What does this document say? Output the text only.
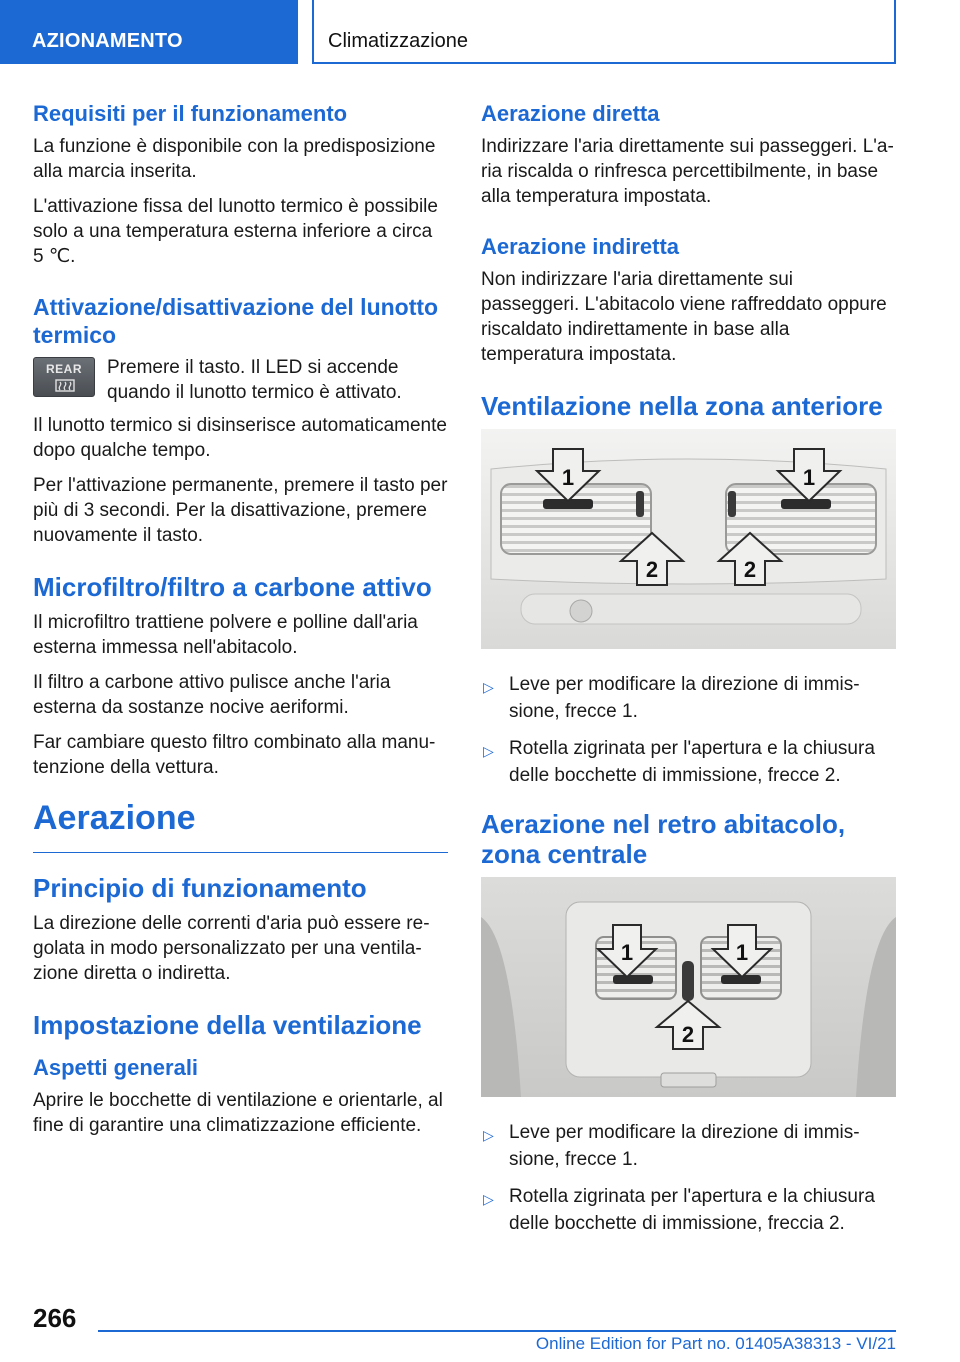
AZIONAMENTO	Climatizzazione
Requisiti per il funzionamento

La funzione è disponibile con la predisposizione alla marcia inserita.

L'attivazione fissa del lunotto termico è possibile solo a una temperatura esterna inferiore a circa 5 ℃.

Attivazione/disattivazione del lunotto termico
REAR	Premere il tasto. Il LED si accende quando il lunotto termico è attivato.

Il lunotto termico si disinserisce automaticamente dopo qualche tempo.

Per l'attivazione permanente, premere il tasto per più di 3 secondi. Per la disattivazione, premere nuovamente il tasto.

Microfiltro/filtro a carbone attivo

Il microfiltro trattiene polvere e polline dall'aria esterna immessa nell'abitacolo.

Il filtro a carbone attivo pulisce anche l'aria esterna da sostanze nocive aeriformi.

Far cambiare questo filtro combinato alla manutenzione della vettura.

Aerazione
Principio di funzionamento

La direzione delle correnti d'aria può essere regolata in modo personalizzato per una ventilazione diretta o indiretta.

Impostazione della ventilazione
Aspetti generali

Aprire le bocchette di ventilazione e orientarle, al fine di garantire una climatizzazione efficiente.

Aerazione diretta

Indirizzare l'aria direttamente sui passeggeri. L'aria riscalda o rinfresca percettibilmente, in base alla temperatura impostata.

Aerazione indiretta

Non indirizzare l'aria direttamente sui passeggeri. L'abitacolo viene raffreddato oppure riscaldato indirettamente in base alla temperatura impostata.

Ventilazione nella zona anteriore
1	1
2	2
▷ Leve per modificare la direzione di immissione, frecce 1.
▷ Rotella zigrinata per l'apertura e la chiusura delle bocchette di immissione, frecce 2.
Aerazione nel retro abitacolo, zona centrale
1	1
2
▷ Leve per modificare la direzione di immissione, frecce 1.
▷ Rotella zigrinata per l'apertura e la chiusura delle bocchette di immissione, freccia 2.
266
Online Edition for Part no. 01405A38313 - VI/21
